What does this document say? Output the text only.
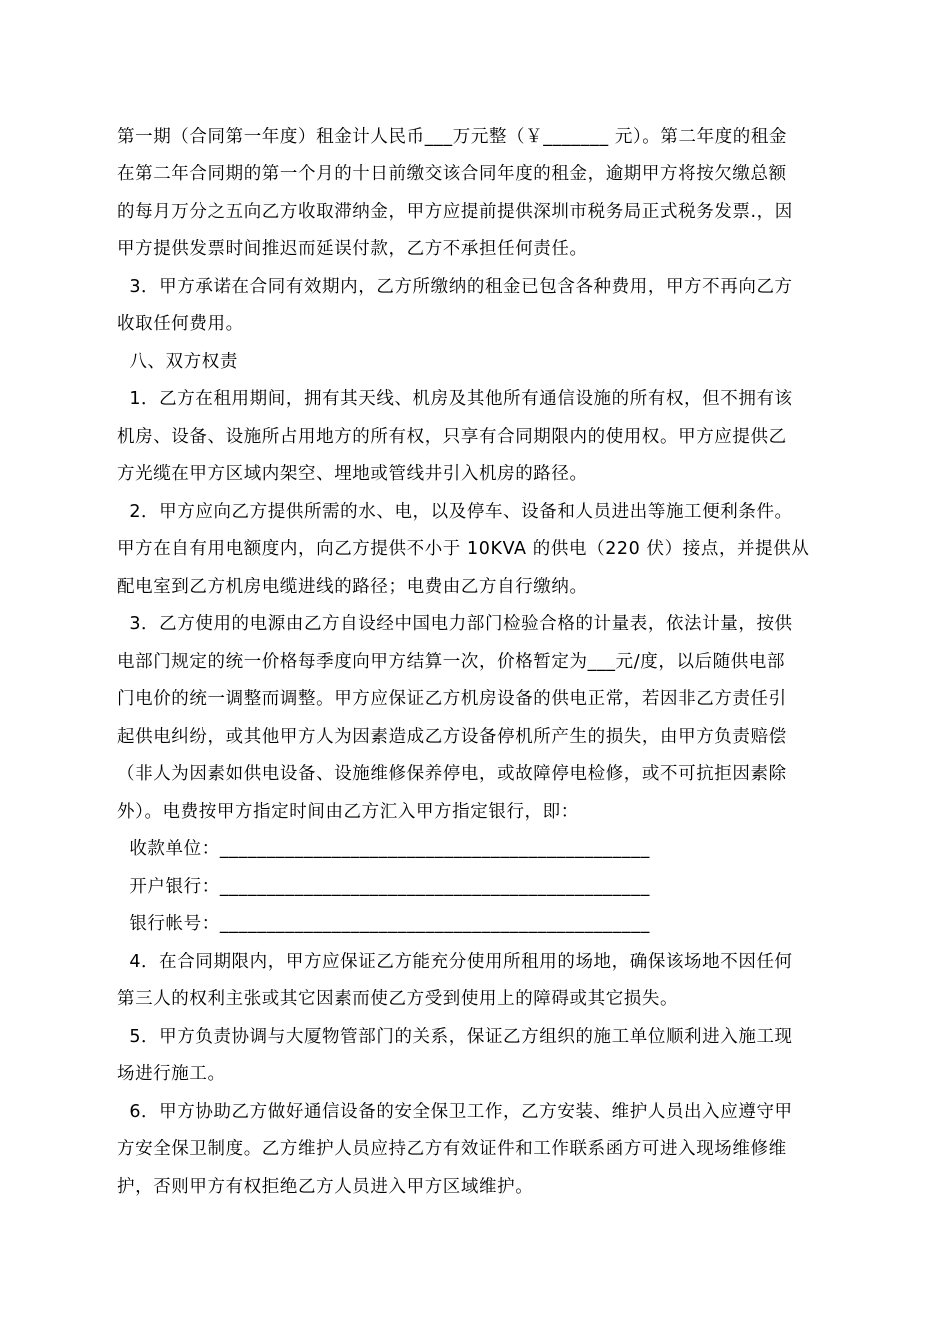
第一期（合同第一年度）租金计人民币___万元整（￥_______ 元）。第二年度的租金
在第二年合同期的第一个月的十日前缴交该合同年度的租金，逾期甲方将按欠缴总额
的每月万分之五向乙方收取滞纳金，甲方应提前提供深圳市税务局正式税务发票.，因
甲方提供发票时间推迟而延误付款，乙方不承担任何责任。
3．甲方承诺在合同有效期内，乙方所缴纳的租金已包含各种费用，甲方不再向乙方
收取任何费用。
八、双方权责
1．乙方在租用期间，拥有其天线、机房及其他所有通信设施的所有权，但不拥有该
机房、设备、设施所占用地方的所有权，只享有合同期限内的使用权。甲方应提供乙
方光缆在甲方区域内架空、埋地或管线井引入机房的路径。
2．甲方应向乙方提供所需的水、电，以及停车、设备和人员进出等施工便利条件。
甲方在自有用电额度内，向乙方提供不小于 10KVA 的供电（220 伏）接点，并提供从
配电室到乙方机房电缆进线的路径；电费由乙方自行缴纳。
3．乙方使用的电源由乙方自设经中国电力部门检验合格的计量表，依法计量，按供
电部门规定的统一价格每季度向甲方结算一次，价格暂定为___元/度，以后随供电部
门电价的统一调整而调整。甲方应保证乙方机房设备的供电正常，若因非乙方责任引
起供电纠纷，或其他甲方人为因素造成乙方设备停机所产生的损失，由甲方负责赔偿
（非人为因素如供电设备、设施维修保养停电，或故障停电检修，或不可抗拒因素除
外）。电费按甲方指定时间由乙方汇入甲方指定银行，即：
收款单位：______________________________________________
开户银行：______________________________________________
银行帐号：______________________________________________
4．在合同期限内，甲方应保证乙方能充分使用所租用的场地，确保该场地不因任何
第三人的权利主张或其它因素而使乙方受到使用上的障碍或其它损失。
5．甲方负责协调与大厦物管部门的关系，保证乙方组织的施工单位顺利进入施工现
场进行施工。
6．甲方协助乙方做好通信设备的安全保卫工作，乙方安装、维护人员出入应遵守甲
方安全保卫制度。乙方维护人员应持乙方有效证件和工作联系函方可进入现场维修维
护，否则甲方有权拒绝乙方人员进入甲方区域维护。
